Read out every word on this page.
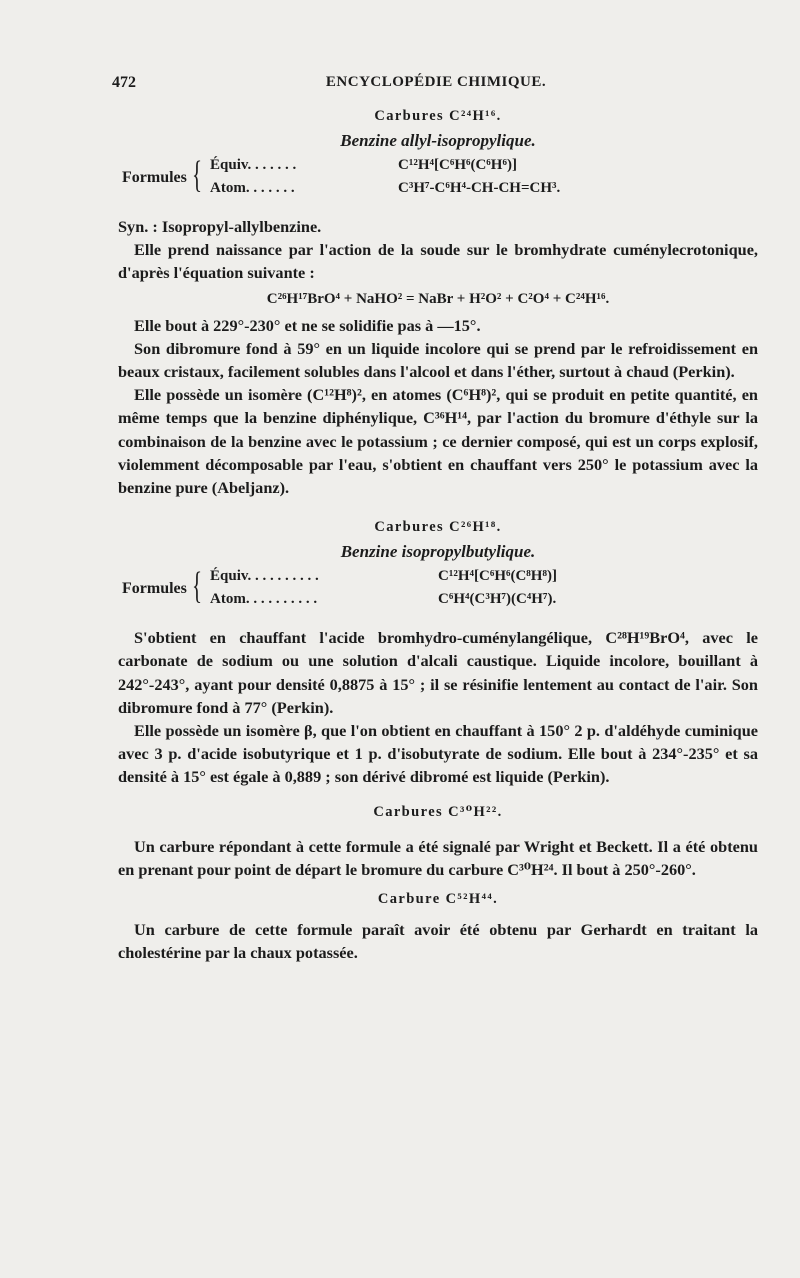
472	ENCYCLOPÉDIE CHIMIQUE.

Carbures C²⁴H¹⁶.

Benzine allyl-isopropylique.

Formules { Équiv. . . . . . .	C¹²H⁴[C⁶H⁶(C⁶H⁶)]
Atom. . . . . . .	C³H⁷-C⁶H⁴-CH-CH=CH³.

Syn. : Isopropyl-allylbenzine.

Elle prend naissance par l'action de la soude sur le bromhydrate cuménylecrotonique, d'après l'équation suivante :

C²⁶H¹⁷BrO⁴ + NaHO² = NaBr + H²O² + C²O⁴ + C²⁴H¹⁶.

Elle bout à 229°-230° et ne se solidifie pas à —15°.

Son dibromure fond à 59° en un liquide incolore qui se prend par le refroidissement en beaux cristaux, facilement solubles dans l'alcool et dans l'éther, surtout à chaud (Perkin).

Elle possède un isomère (C¹²H⁸)², en atomes (C⁶H⁸)², qui se produit en petite quantité, en même temps que la benzine diphénylique, C³⁶H¹⁴, par l'action du bromure d'éthyle sur la combinaison de la benzine avec le potassium ; ce dernier composé, qui est un corps explosif, violemment décomposable par l'eau, s'obtient en chauffant vers 250° le potassium avec la benzine pure (Abeljanz).

Carbures C²⁶H¹⁸.

Benzine isopropylbutylique.

Formules { Équiv. . . . . . . . . .	C¹²H⁴[C⁶H⁶(C⁸H⁸)]
Atom. . . . . . . . . .	C⁶H⁴(C³H⁷)(C⁴H⁷).

S'obtient en chauffant l'acide bromhydro-cuménylangélique, C²⁸H¹⁹BrO⁴, avec le carbonate de sodium ou une solution d'alcali caustique. Liquide incolore, bouillant à 242°-243°, ayant pour densité 0,8875 à 15° ; il se résinifie lentement au contact de l'air. Son dibromure fond à 77° (Perkin).

Elle possède un isomère β, que l'on obtient en chauffant à 150° 2 p. d'aldéhyde cuminique avec 3 p. d'acide isobutyrique et 1 p. d'isobutyrate de sodium. Elle bout à 234°-235° et sa densité à 15° est égale à 0,889 ; son dérivé dibromé est liquide (Perkin).

Carbures C³⁰H²².

Un carbure répondant à cette formule a été signalé par Wright et Beckett. Il a été obtenu en prenant pour point de départ le bromure du carbure C³⁰H²⁴. Il bout à 250°-260°.

Carbure C⁵²H⁴⁴.

Un carbure de cette formule paraît avoir été obtenu par Gerhardt en traitant la cholestérine par la chaux potassée.
